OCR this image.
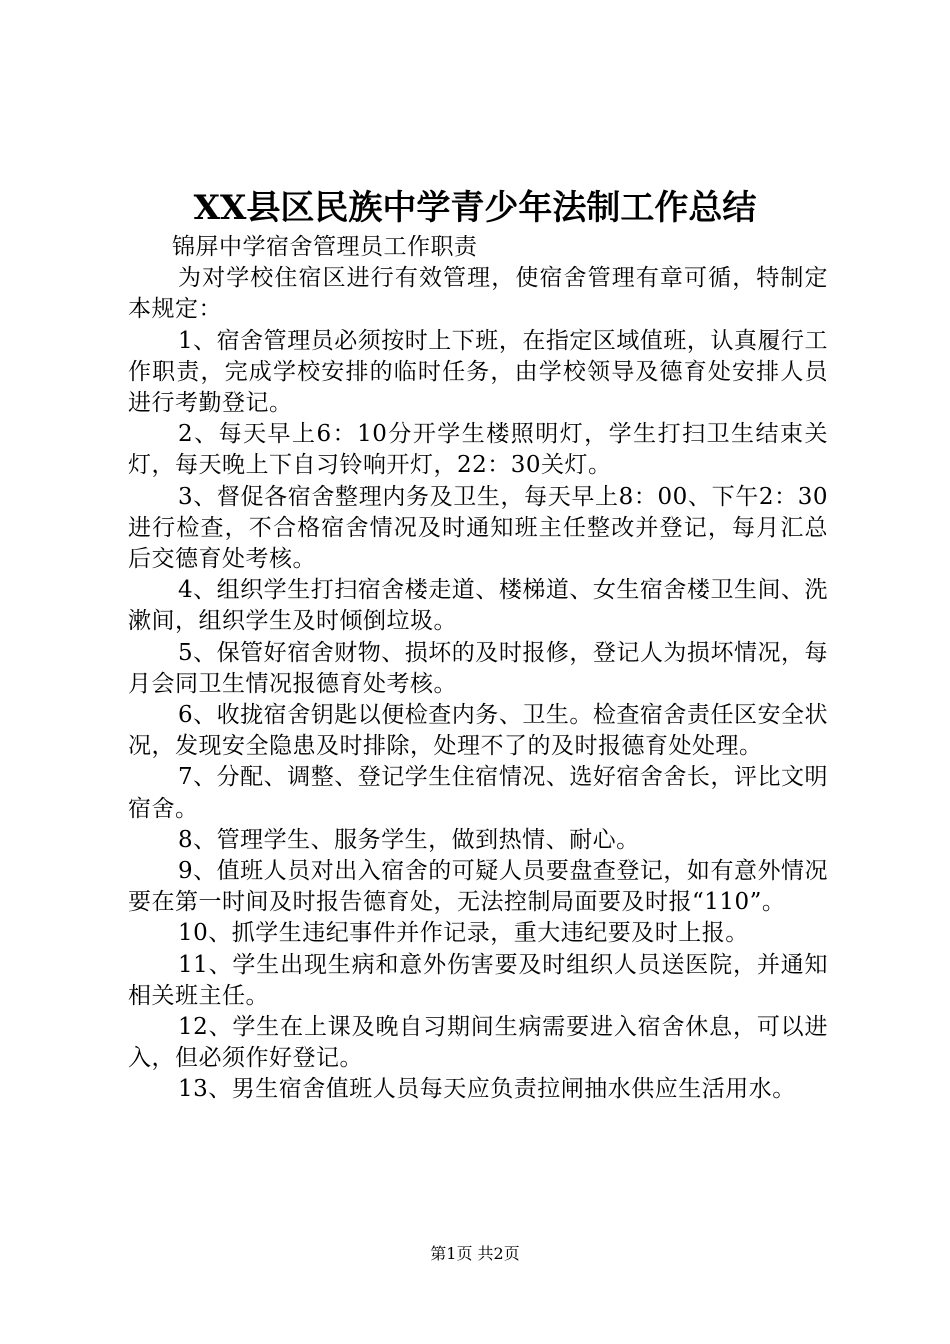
XX县区民族中学青少年法制工作总结

锦屏中学宿舍管理员工作职责

为对学校住宿区进行有效管理，使宿舍管理有章可循，特制定本规定：

1、宿舍管理员必须按时上下班，在指定区域值班，认真履行工作职责，完成学校安排的临时任务，由学校领导及德育处安排人员进行考勤登记。

2、每天早上6：10分开学生楼照明灯，学生打扫卫生结束关灯，每天晚上下自习铃响开灯，22：30关灯。

3、督促各宿舍整理内务及卫生，每天早上8：00、下午2：30进行检查，不合格宿舍情况及时通知班主任整改并登记，每月汇总后交德育处考核。

4、组织学生打扫宿舍楼走道、楼梯道、女生宿舍楼卫生间、洗漱间，组织学生及时倾倒垃圾。

5、保管好宿舍财物、损坏的及时报修，登记人为损坏情况，每月会同卫生情况报德育处考核。

6、收拢宿舍钥匙以便检查内务、卫生。检查宿舍责任区安全状况，发现安全隐患及时排除，处理不了的及时报德育处处理。

7、分配、调整、登记学生住宿情况、选好宿舍舍长，评比文明宿舍。

8、管理学生、服务学生，做到热情、耐心。

9、值班人员对出入宿舍的可疑人员要盘查登记，如有意外情况要在第一时间及时报告德育处，无法控制局面要及时报“110”。

10、抓学生违纪事件并作记录，重大违纪要及时上报。

11、学生出现生病和意外伤害要及时组织人员送医院，并通知相关班主任。

12、学生在上课及晚自习期间生病需要进入宿舍休息，可以进入，但必须作好登记。

13、男生宿舍值班人员每天应负责拉闸抽水供应生活用水。

第1页 共2页
